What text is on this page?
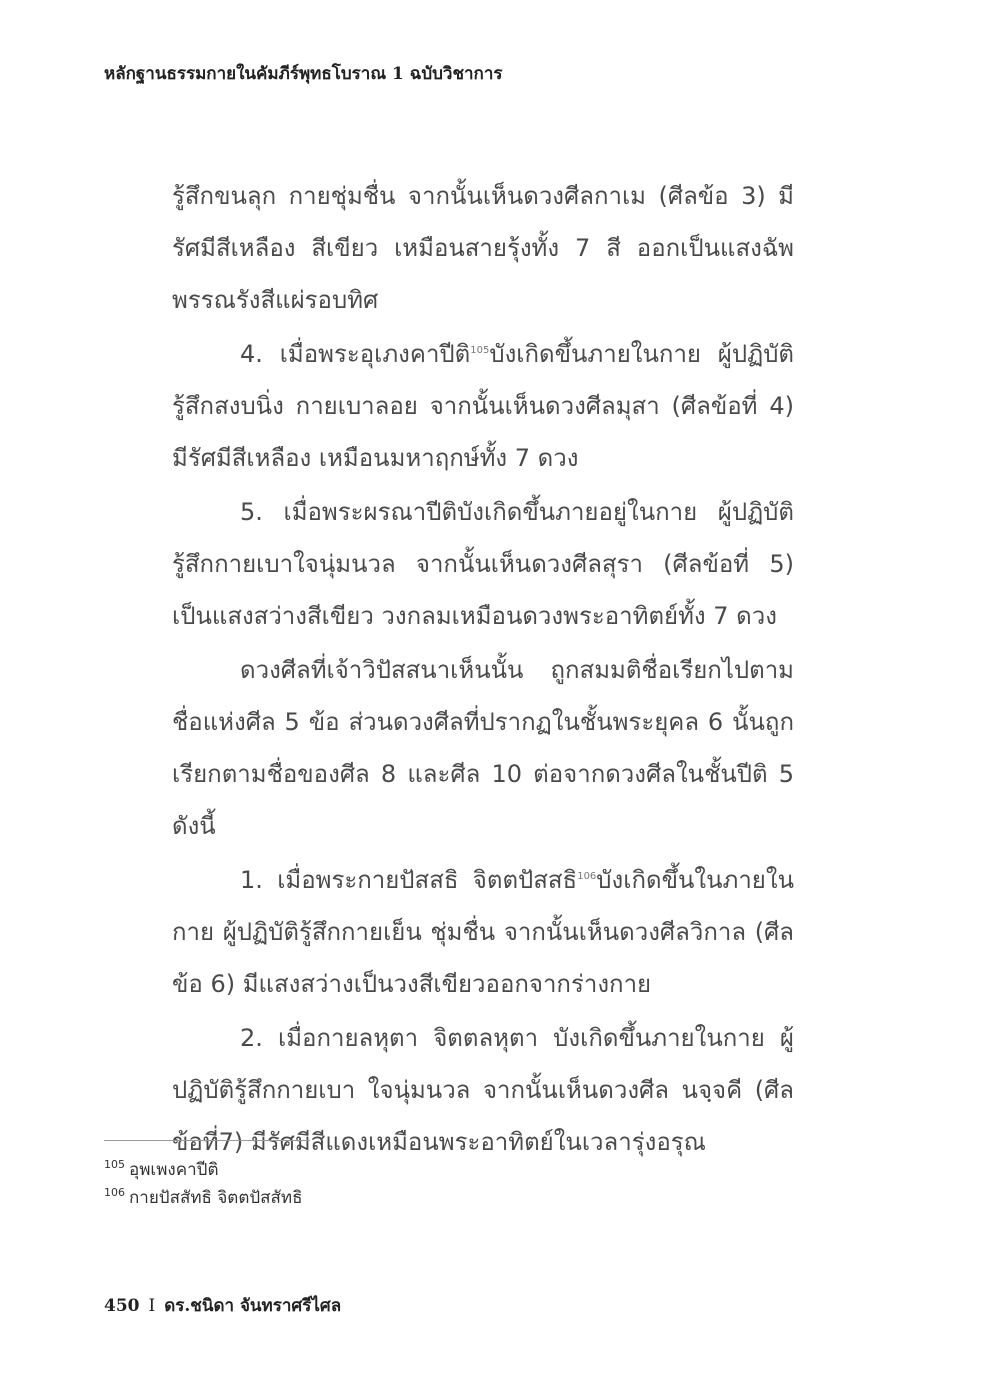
หลักฐานธรรมกายในคัมภีร์พุทธโบราณ 1 ฉบับวิชาการ

รู้สึกขนลุก กายชุ่มชื่น จากนั้นเห็นดวงศีลกาเม (ศีลข้อ 3) มีรัศมีสีเหลือง สีเขียว เหมือนสายรุ้งทั้ง 7 สี ออกเป็นแสงฉัพพรรณรังสีแผ่รอบทิศ

4. เมื่อพระอุเภงคาปีติ$^{105}$บังเกิดขึ้นภายในกาย ผู้ปฏิบัติรู้สึกสงบนิ่ง กายเบาลอย จากนั้นเห็นดวงศีลมุสา (ศีลข้อที่ 4) มีรัศมีสีเหลือง เหมือนมหาฤกษ์ทั้ง 7 ดวง

5. เมื่อพระผรณาปีติบังเกิดขึ้นภายอยู่ในกาย ผู้ปฏิบัติรู้สึกกายเบาใจนุ่มนวล จากนั้นเห็นดวงศีลสุรา (ศีลข้อที่ 5) เป็นแสงสว่างสีเขียว วงกลมเหมือนดวงพระอาทิตย์ทั้ง 7 ดวง

ดวงศีลที่เจ้าวิปัสสนาเห็นนั้น ถูกสมมติชื่อเรียกไปตามชื่อแห่งศีล 5 ข้อ ส่วนดวงศีลที่ปรากฏในชั้นพระยุคล 6 นั้นถูกเรียกตามชื่อของศีล 8 และศีล 10 ต่อจากดวงศีลในชั้นปีติ 5 ดังนี้

1. เมื่อพระกายปัสสธิ จิตตปัสสธิ$^{106}$บังเกิดขึ้นในภายในกาย ผู้ปฏิบัติรู้สึกกายเย็น ชุ่มชื่น จากนั้นเห็นดวงศีลวิกาล (ศีลข้อ 6) มีแสงสว่างเป็นวงสีเขียวออกจากร่างกาย

2. เมื่อกายลหุตา จิตตลหุตา บังเกิดขึ้นภายในกาย ผู้ปฏิบัติรู้สึกกายเบา ใจนุ่มนวล จากนั้นเห็นดวงศีล นจฺจคี (ศีลข้อที่7) มีรัศมีสีแดงเหมือนพระอาทิตย์ในเวลารุ่งอรุณ

$^{105}$ อุพเพงคาปีติ
$^{106}$ กายปัสสัทธิ จิตตปัสสัทธิ
450 I ดร.ชนิดา จันทราศรีไศล
